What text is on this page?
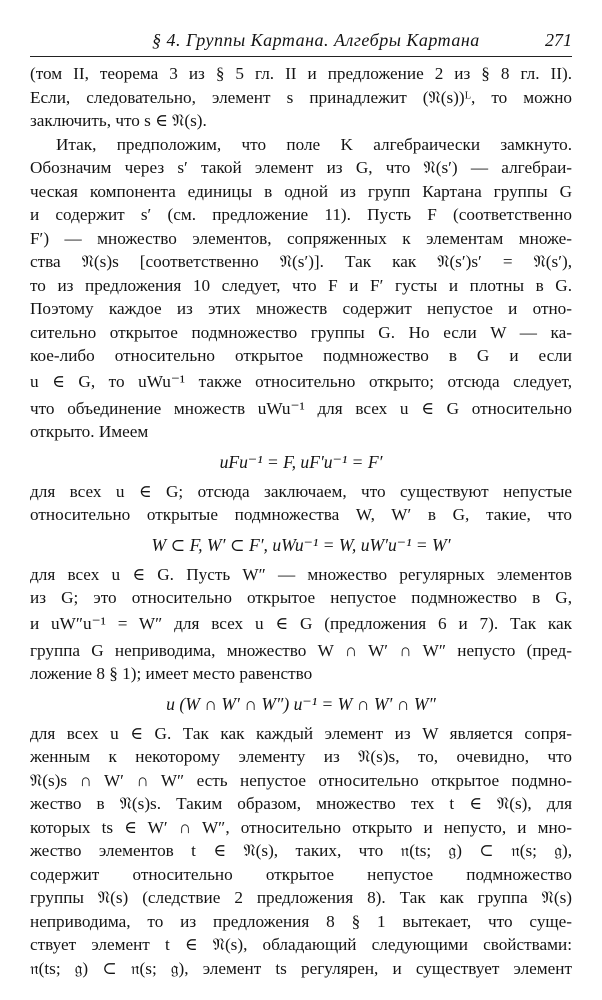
§ 4. Группы Картана. Алгебры Картана	271
(том II, теорема 3 из § 5 гл. II и предложение 2 из § 8 гл. II).
Если, следовательно, элемент s принадлежит (𝔑(s))ᴸ, то можно
заключить, что s ∈ 𝔑(s).
Итак, предположим, что поле K алгебраически замкнуто.
Обозначим через s′ такой элемент из G, что 𝔑(s′) — алгебраи-
ческая компонента единицы в одной из групп Картана группы G
и содержит s′ (см. предложение 11). Пусть F (соответственно
F′) — множество элементов, сопряженных к элементам множе-
ства 𝔑(s)s [соответственно 𝔑(s′)]. Так как 𝔑(s′)s′ = 𝔑(s′),
то из предложения 10 следует, что F и F′ густы и плотны в G.
Поэтому каждое из этих множеств содержит непустое и отно-
сительно открытое подмножество группы G. Но если W — ка-
кое-либо относительно открытое подмножество в G и если
u ∈ G, то uWu⁻¹ также относительно открыто; отсюда следует,
что объединение множеств uWu⁻¹ для всех u ∈ G относительно
открыто. Имеем
uFu⁻¹ = F, uF′u⁻¹ = F′
для всех u ∈ G; отсюда заключаем, что существуют непустые
относительно открытые подмножества W, W′ в G, такие, что
W ⊂ F, W′ ⊂ F′, uWu⁻¹ = W, uW′u⁻¹ = W′
для всех u ∈ G. Пусть W″ — множество регулярных элементов
из G; это относительно открытое непустое подмножество в G,
и uW″u⁻¹ = W″ для всех u ∈ G (предложения 6 и 7). Так как
группа G неприводима, множество W ∩ W′ ∩ W″ непусто (пред-
ложение 8 § 1); имеет место равенство
u (W ∩ W′ ∩ W″) u⁻¹ = W ∩ W′ ∩ W″
для всех u ∈ G. Так как каждый элемент из W является сопря-
женным к некоторому элементу из 𝔑(s)s, то, очевидно, что
𝔑(s)s ∩ W′ ∩ W″ есть непустое относительно открытое подмно-
жество в 𝔑(s)s. Таким образом, множество тех t ∈ 𝔑(s), для
которых ts ∈ W′ ∩ W″, относительно открыто и непусто, и мно-
жество элементов t ∈ 𝔑(s), таких, что 𝔫(ts; 𝔤) ⊂ 𝔫(s; 𝔤),
содержит относительно открытое непустое подмножество
группы 𝔑(s) (следствие 2 предложения 8). Так как группа 𝔑(s)
неприводима, то из предложения 8 § 1 вытекает, что суще-
ствует элемент t ∈ 𝔑(s), обладающий следующими свойствами:
𝔫(ts; 𝔤) ⊂ 𝔫(s; 𝔤), элемент ts регулярен, и существует элемент
